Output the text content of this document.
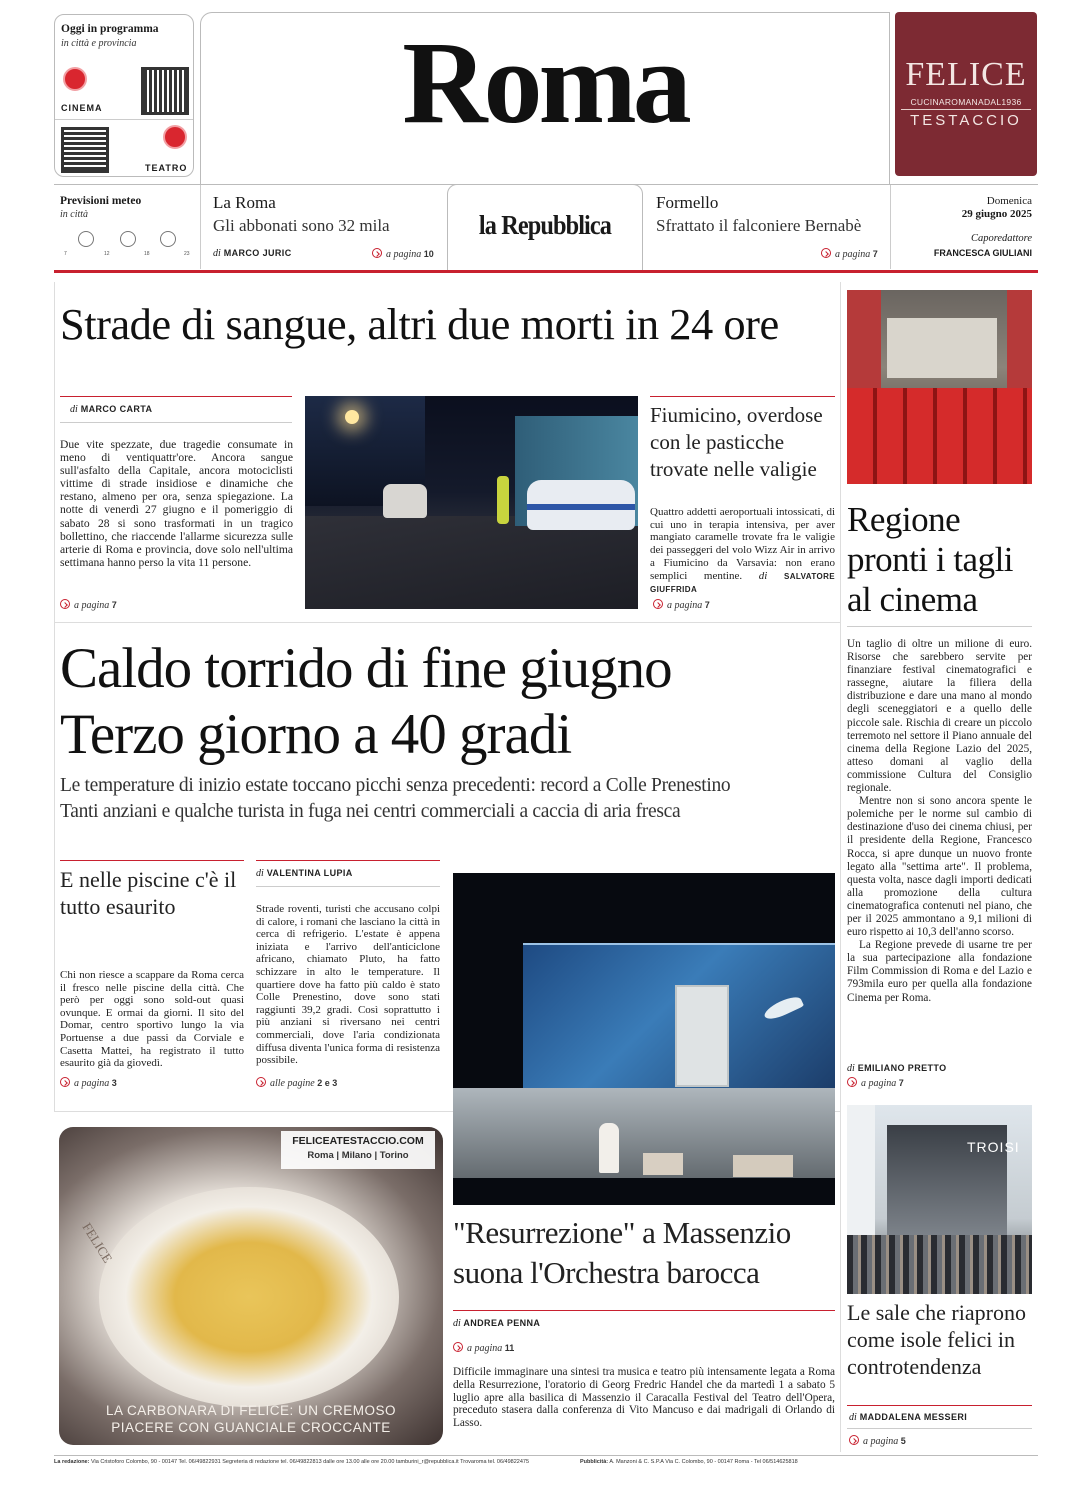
Oggi in programma
in città e provincia
CINEMA
TEATRO
Roma	FELICE
CUCINAROMANADAL1936
TESTACCIO
Previsioni meteo
in città
7	12	18	23
La Roma
Gli abbonati sono 32 mila
di MARCO JURIC	a pagina 10
la Repubblica
Formello
Sfrattato il falconiere Bernabè
a pagina 7
Domenica
29 giugno 2025
Caporedattore
FRANCESCA GIULIANI
Strade di sangue, altri due morti in 24 ore
di MARCO CARTA
Due vite spezzate, due tragedie consumate in meno di ventiquattr'ore. Ancora sangue sull'asfalto della Capitale, ancora motociclisti vittime di strade insidiose e dinamiche che restano, almeno per ora, senza spiegazione. La notte di venerdì 27 giugno e il pomeriggio di sabato 28 si sono trasformati in un tragico bollettino, che riaccende l'allarme sicurezza sulle arterie di Roma e provincia, dove solo nell'ultima settimana hanno perso la vita 11 persone.
a pagina 7
Fiumicino, overdose con le pasticche trovate nelle valigie
Quattro addetti aeroportuali intossicati, di cui uno in terapia intensiva, per aver mangiato caramelle trovate fra le valigie dei passeggeri del volo Wizz Air in arrivo a Fiumicino da Varsavia: non erano semplici mentine. di SALVATORE GIUFFRIDA
a pagina 7
Caldo torrido di fine giugno
Terzo giorno a 40 gradi
Le temperature di inizio estate toccano picchi senza precedenti: record a Colle Prenestino
Tanti anziani e qualche turista in fuga nei centri commerciali a caccia di aria fresca
E nelle piscine c'è il tutto esaurito
Chi non riesce a scappare da Roma cerca il fresco nelle piscine della città. Che però per oggi sono sold-out quasi ovunque. E ormai da giorni. Il sito del Domar, centro sportivo lungo la via Portuense a due passi da Corviale e Casetta Mattei, ha registrato il tutto esaurito già da giovedì.
a pagina 3
di VALENTINA LUPIA
Strade roventi, turisti che accusano colpi di calore, i romani che lasciano la città in cerca di refrigerio. L'estate è appena iniziata e l'arrivo dell'anticiclone africano, chiamato Pluto, ha fatto schizzare in alto le temperature. Il quartiere dove ha fatto più caldo è stato Colle Prenestino, dove sono stati raggiunti 39,2 gradi. Così soprattutto i più anziani si riversano nei centri commerciali, dove l'aria condizionata diffusa diventa l'unica forma di resistenza possibile.
alle pagine 2 e 3
"Resurrezione" a Massenzio suona l'Orchestra barocca
di ANDREA PENNA
a pagina 11
Difficile immaginare una sintesi tra musica e teatro più intensamente legata a Roma della Resurrezione, l'oratorio di Georg Fredric Handel che da martedì 1 a sabato 5 luglio apre alla basilica di Massenzio il Caracalla Festival del Teatro dell'Opera, preceduto stasera dalla conferenza di Vito Mancuso e dai madrigali di Orlando di Lasso.
FELICE
FELICEATESTACCIO.COM
Roma | Milano | Torino
LA CARBONARA DI FELICE: UN CREMOSO
PIACERE CON GUANCIALE CROCCANTE
Regione pronti i tagli al cinema
Un taglio di oltre un milione di euro. Risorse che sarebbero servite per finanziare festival cinematografici e rassegne, aiutare la filiera della distribuzione e dare una mano al mondo degli sceneggiatori e a quello delle piccole sale. Rischia di creare un piccolo terremoto nel settore il Piano annuale del cinema della Regione Lazio del 2025, atteso domani al vaglio della commissione Cultura del Consiglio regionale.
Mentre non si sono ancora spente le polemiche per le norme sul cambio di destinazione d'uso dei cinema chiusi, per il presidente della Regione, Francesco Rocca, si apre dunque un nuovo fronte legato alla "settima arte". Il problema, questa volta, nasce dagli importi dedicati alla promozione della cultura cinematografica contenuti nel piano, che per il 2025 ammontano a 9,1 milioni di euro rispetto ai 10,3 dell'anno scorso.
La Regione prevede di usarne tre per la sua partecipazione alla fondazione Film Commission di Roma e del Lazio e 793mila euro per quella alla fondazione Cinema per Roma.
di EMILIANO PRETTO
a pagina 7
TROISI
Le sale che riaprono come isole felici in controtendenza
di MADDALENA MESSERI
a pagina 5
La redazione: Via Cristoforo Colombo, 90 - 00147 Tel. 06/49822931 Segreteria di redazione tel. 06/49822813 dalle ore 13.00 alle ore 20.00 tamburini_r@repubblica.it Trovaroma tel. 06/49822475	Pubblicità: A. Manzoni & C. S.P.A Via C. Colombo, 90 - 00147 Roma - Tel 06/514625818
